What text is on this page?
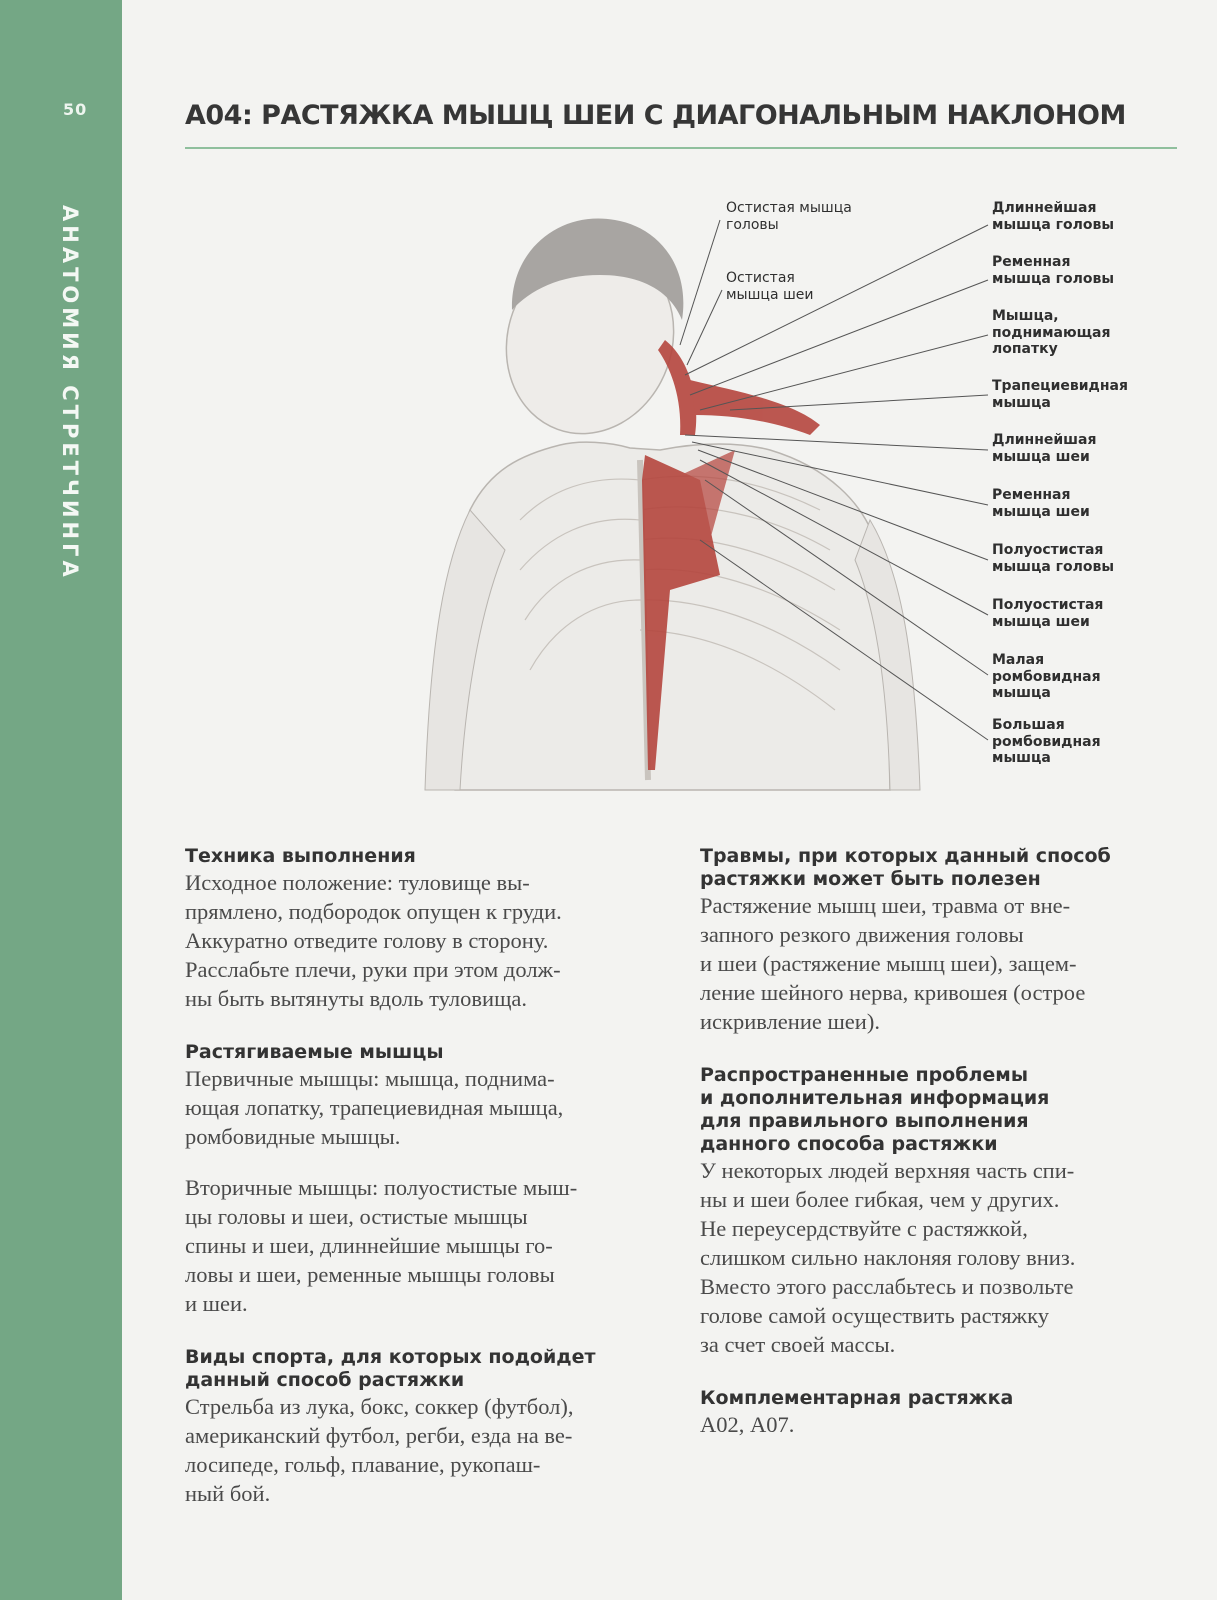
50
АНАТОМИЯ СТРЕТЧИНГА
А04: РАСТЯЖКА МЫШЦ ШЕИ С ДИАГОНАЛЬНЫМ НАКЛОНОМ
Остистая мышца
головы
Остистая
мышца шеи
Длиннейшая
мышца головы
Ременная
мышца головы
Мышца,
поднимающая
лопатку
Трапециевидная
мышца
Длиннейшая
мышца шеи
Ременная
мышца шеи
Полуостистая
мышца головы
Полуостистая
мышца шеи
Малая
ромбовидная
мышца
Большая
ромбовидная
мышца
Техника выполнения
Исходное положение: туловище вы-
прямлено, подбородок опущен к груди.
Аккуратно отведите голову в сторону.
Расслабьте плечи, руки при этом долж-
ны быть вытянуты вдоль туловища.
Растягиваемые мышцы
Первичные мышцы: мышца, поднима-
ющая лопатку, трапециевидная мышца,
ромбовидные мышцы.
Вторичные мышцы: полуостистые мыш-
цы головы и шеи, остистые мышцы
спины и шеи, длиннейшие мышцы го-
ловы и шеи, ременные мышцы головы
и шеи.
Виды спорта, для которых подойдет
данный способ растяжки
Стрельба из лука, бокс, соккер (футбол),
американский футбол, регби, езда на ве-
лосипеде, гольф, плавание, рукопаш-
ный бой.
Травмы, при которых данный способ
растяжки может быть полезен
Растяжение мышц шеи, травма от вне-
запного резкого движения головы
и шеи (растяжение мышц шеи), защем-
ление шейного нерва, кривошея (острое
искривление шеи).
Распространенные проблемы
и дополнительная информация
для правильного выполнения
данного способа растяжки
У некоторых людей верхняя часть спи-
ны и шеи более гибкая, чем у других.
Не переусердствуйте с растяжкой,
слишком сильно наклоняя голову вниз.
Вместо этого расслабьтесь и позвольте
голове самой осуществить растяжку
за счет своей массы.
Комплементарная растяжка
А02, А07.
